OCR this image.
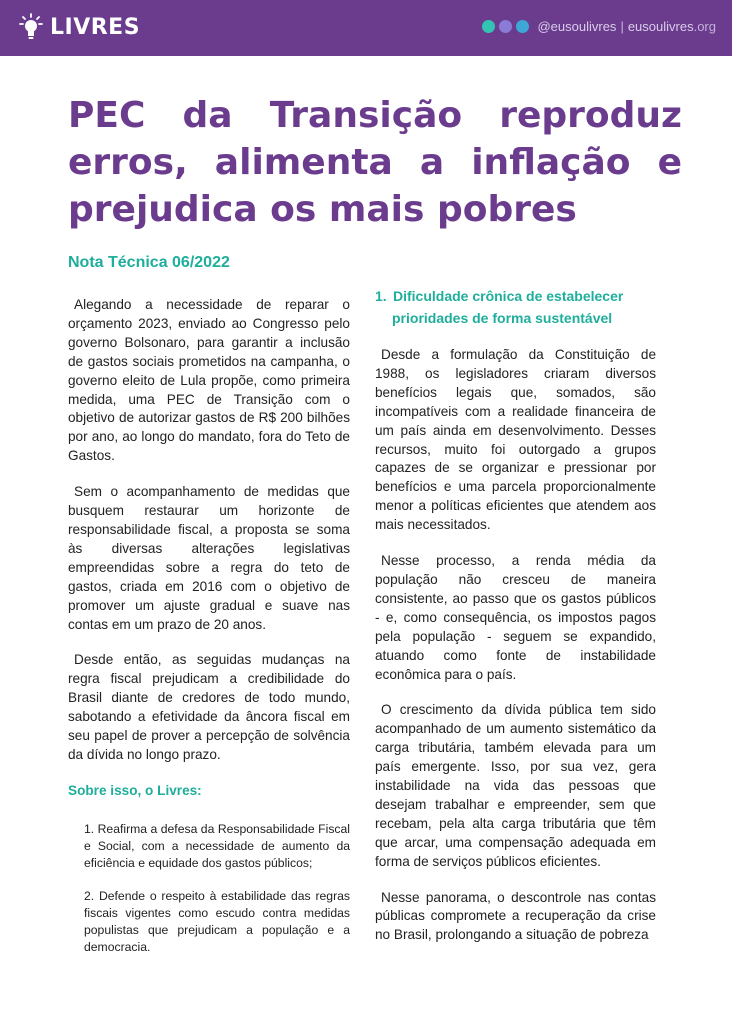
LIVRES	@eusoulivres | eusoulivres.org
PEC da Transição reproduz erros, alimenta a inflação e prejudica os mais pobres
Nota Técnica 06/2022

Alegando a necessidade de reparar o orçamento 2023, enviado ao Congresso pelo governo Bolsonaro, para garantir a inclusão de gastos sociais prometidos na campanha, o governo eleito de Lula propõe, como primeira medida, uma PEC de Transição com o objetivo de autorizar gastos de R$ 200 bilhões por ano, ao longo do mandato, fora do Teto de Gastos.

Sem o acompanhamento de medidas que busquem restaurar um horizonte de responsabilidade fiscal, a proposta se soma às diversas alterações legislativas empreendidas sobre a regra do teto de gastos, criada em 2016 com o objetivo de promover um ajuste gradual e suave nas contas em um prazo de 20 anos.

Desde então, as seguidas mudanças na regra fiscal prejudicam a credibilidade do Brasil diante de credores de todo mundo, sabotando a efetividade da âncora fiscal em seu papel de prover a percepção de solvência da dívida no longo prazo.

Sobre isso, o Livres:

1. Reafirma a defesa da Responsabilidade Fiscal e Social, com a necessidade de aumento da eficiência e equidade dos gastos públicos;
2. Defende o respeito à estabilidade das regras fiscais vigentes como escudo contra medidas populistas que prejudicam a população e a democracia.
1. Dificuldade crônica de estabelecer
prioridades de forma sustentável

Desde a formulação da Constituição de 1988, os legisladores criaram diversos benefícios legais que, somados, são incompatíveis com a realidade financeira de um país ainda em desenvolvimento. Desses recursos, muito foi outorgado a grupos capazes de se organizar e pressionar por benefícios e uma parcela proporcionalmente menor a políticas eficientes que atendem aos mais necessitados.

Nesse processo, a renda média da população não cresceu de maneira consistente, ao passo que os gastos públicos - e, como consequência, os impostos pagos pela população - seguem se expandido, atuando como fonte de instabilidade econômica para o país.

O crescimento da dívida pública tem sido acompanhado de um aumento sistemático da carga tributária, também elevada para um país emergente. Isso, por sua vez, gera instabilidade na vida das pessoas que desejam trabalhar e empreender, sem que recebam, pela alta carga tributária que têm que arcar, uma compensação adequada em forma de serviços públicos eficientes.

Nesse panorama, o descontrole nas contas públicas compromete a recuperação da crise no Brasil, prolongando a situação de pobreza
